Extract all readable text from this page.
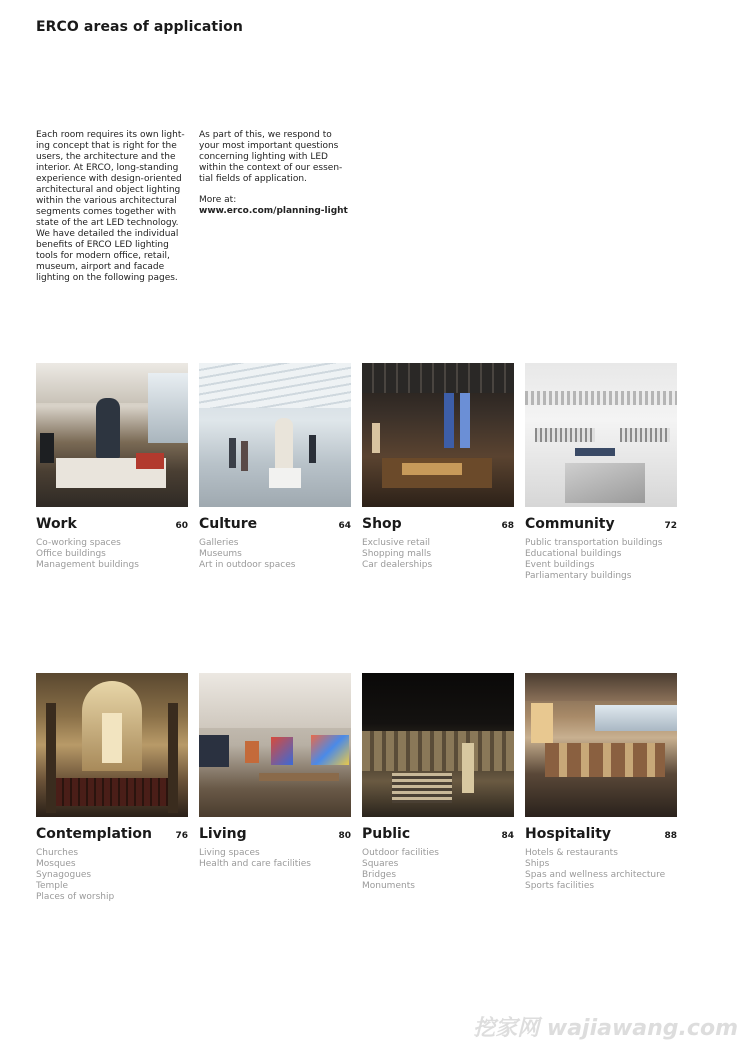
ERCO areas of application

Each room requires its own light-
ing concept that is right for the
users, the architecture and the
interior. At ERCO, long-standing
experience with design-oriented
architectural and object lighting
within the various architectural
segments comes together with
state of the art LED technology.
We have detailed the individual
benefits of ERCO LED lighting
tools for modern office, retail,
museum, airport and facade
lighting on the following pages.

As part of this, we respond to
your most important questions
concerning lighting with LED
within the context of our essen-
tial fields of application.

More at:

www.erco.com/planning-light

Work	60
Co-working spaces
Office buildings
Management buildings
Culture	64
Galleries
Museums
Art in outdoor spaces
Shop	68
Exclusive retail
Shopping malls
Car dealerships
Community	72
Public transportation buildings
Educational buildings
Event buildings
Parliamentary buildings
Contemplation	76
Churches
Mosques
Synagogues
Temple
Places of worship
Living	80
Living spaces
Health and care facilities
Public	84
Outdoor facilities
Squares
Bridges
Monuments
Hospitality	88
Hotels & restaurants
Ships
Spas and wellness architecture
Sports facilities
挖家网 wajiawang.com
